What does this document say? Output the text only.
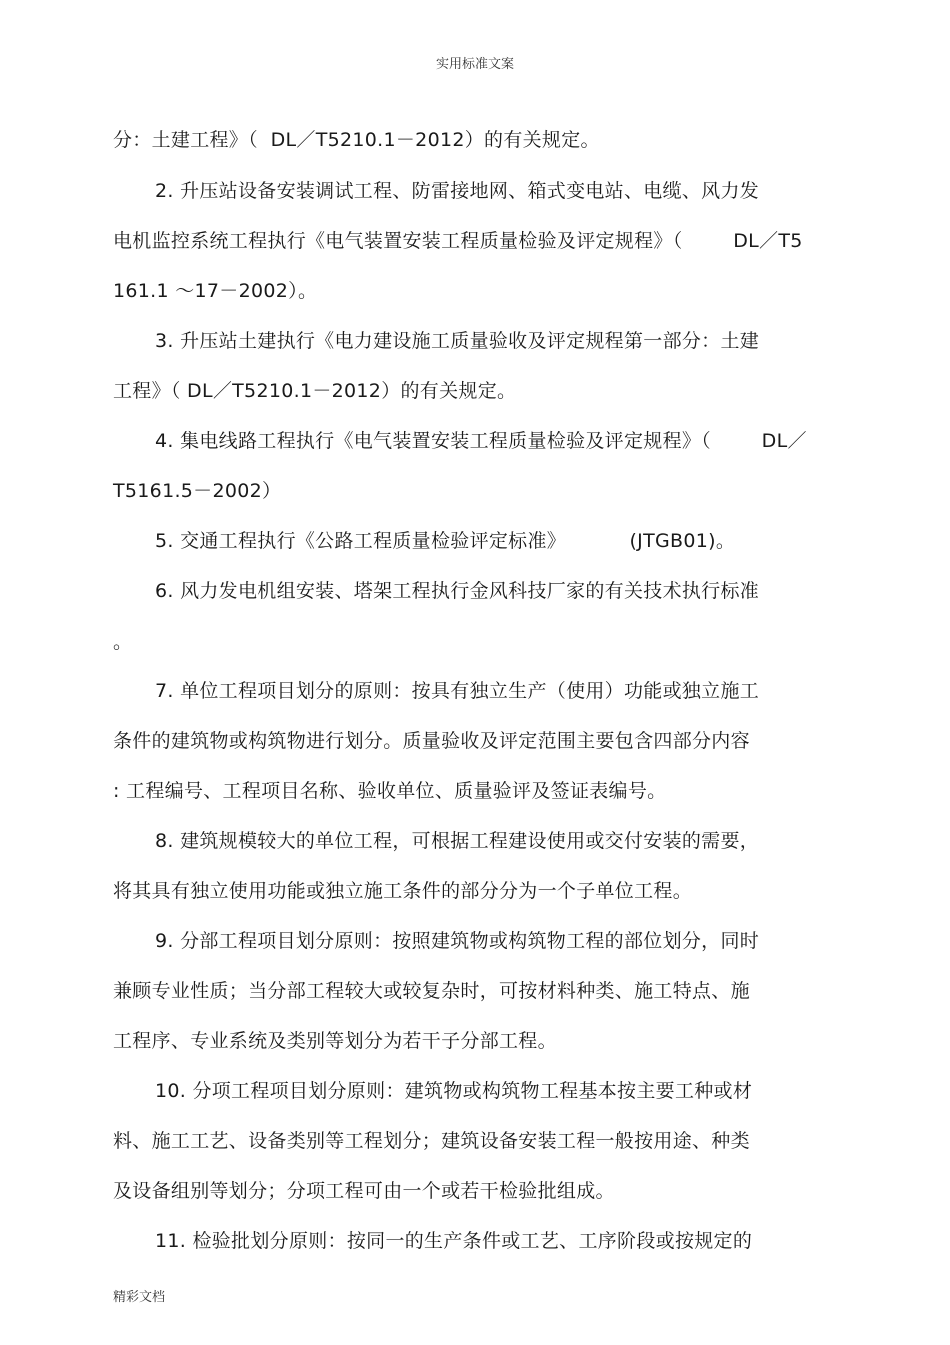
实用标准文案
分：土建工程》（  DL／T5210.1－2012）的有关规定。
2. 升压站设备安装调试工程、防雷接地网、箱式变电站、电缆、风力发
电机监控系统工程执行《电气装置安装工程质量检验及评定规程》（        DL／T5
161.1 ～17－2002）。
3. 升压站土建执行《电力建设施工质量验收及评定规程第一部分：土建
工程》（ DL／T5210.1－2012）的有关规定。
4. 集电线路工程执行《电气装置安装工程质量检验及评定规程》（        DL／
T5161.5－2002）
5. 交通工程执行《公路工程质量检验评定标准》          (JTGB01)。
6. 风力发电机组安装、塔架工程执行金风科技厂家的有关技术执行标准
。
7. 单位工程项目划分的原则：按具有独立生产（使用）功能或独立施工
条件的建筑物或构筑物进行划分。质量验收及评定范围主要包含四部分内容
: 工程编号、工程项目名称、验收单位、质量验评及签证表编号。
8. 建筑规模较大的单位工程，可根据工程建设使用或交付安装的需要，
将其具有独立使用功能或独立施工条件的部分分为一个子单位工程。
9. 分部工程项目划分原则：按照建筑物或构筑物工程的部位划分，同时
兼顾专业性质；当分部工程较大或较复杂时，可按材料种类、施工特点、施
工程序、专业系统及类别等划分为若干子分部工程。
10. 分项工程项目划分原则：建筑物或构筑物工程基本按主要工种或材
料、施工工艺、设备类别等工程划分；建筑设备安装工程一般按用途、种类
及设备组别等划分；分项工程可由一个或若干检验批组成。
11. 检验批划分原则：按同一的生产条件或工艺、工序阶段或按规定的
精彩文档
